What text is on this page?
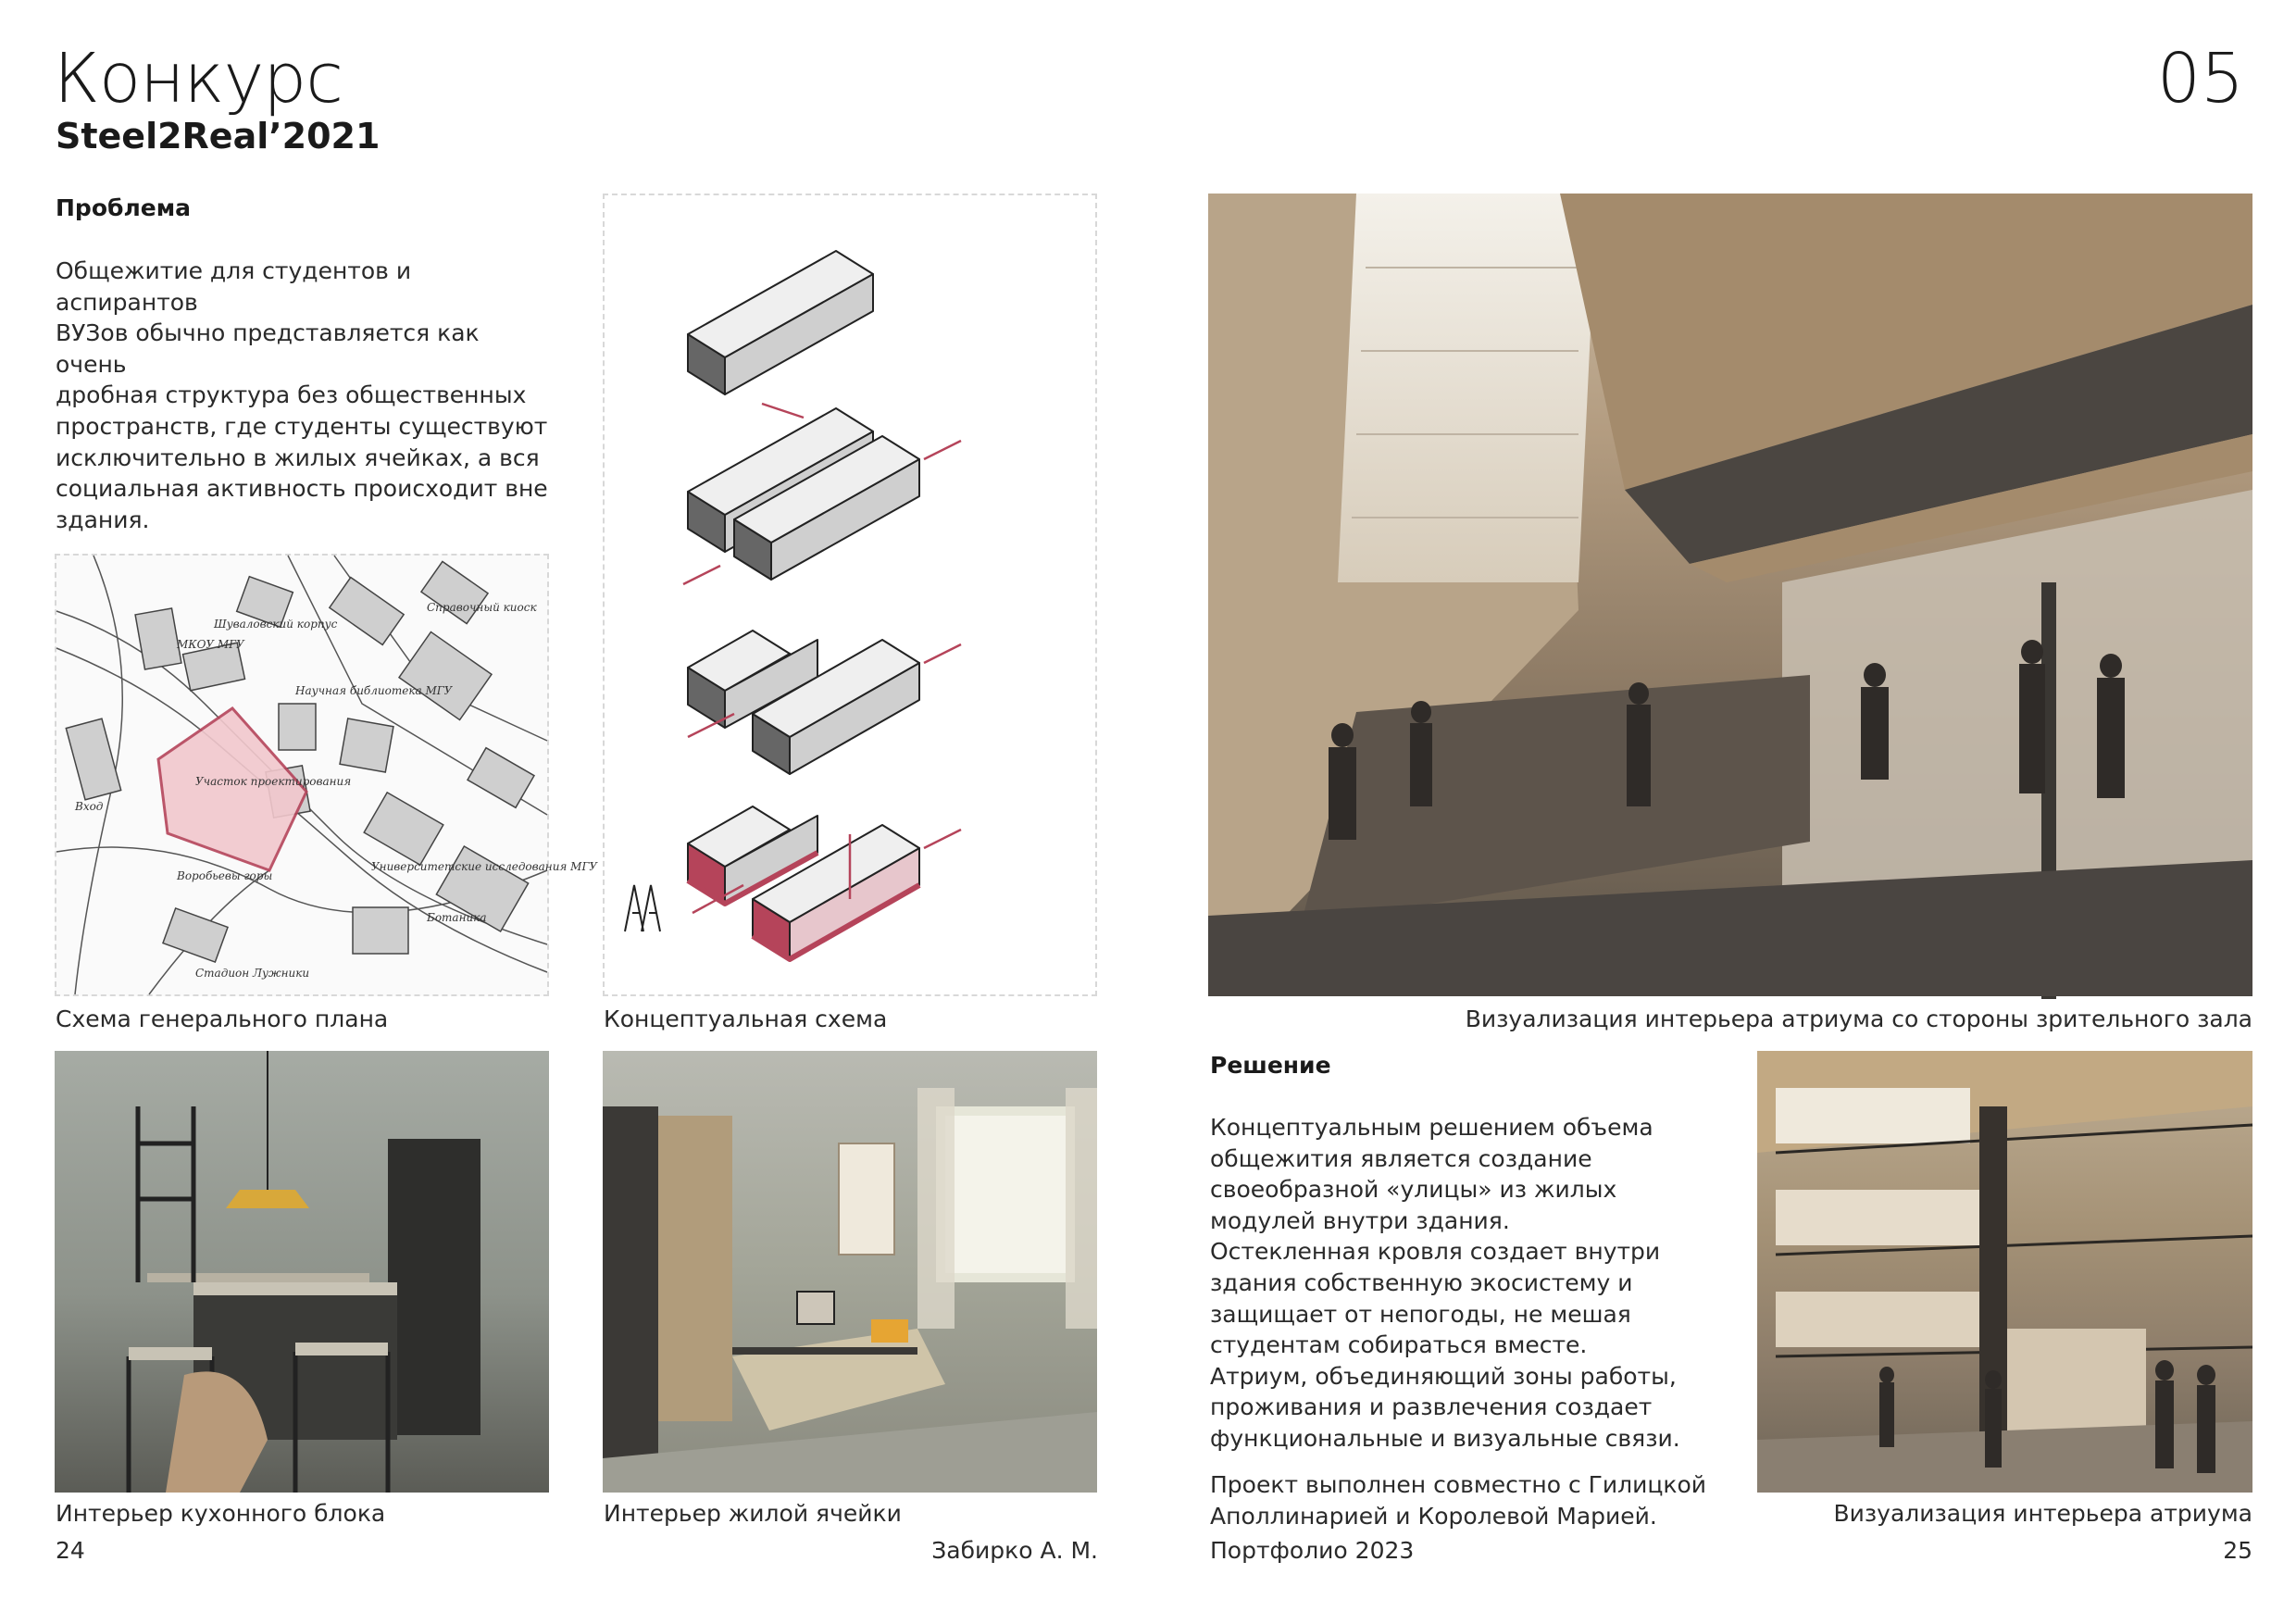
Конкурс
Steel2Real’2021
05
Проблема
Общежитие для студентов и аспирантов
ВУЗов обычно представляется как очень
дробная структура без общественных
пространств, где студенты существуют
исключительно в жилых ячейках, а вся
социальная активность происходит вне
здания.
Участок проектирования
Научная библиотека МГУ
Шуваловский корпус
МКОУ МГУ
Справочный киоск
Университетские исследования МГУ
Воробьевы горы
Стадион Лужники
Вход
Ботаника
Схема генерального плана
AA
Концептуальная схема	Визуализация интерьера атриума со стороны зрительного зала
Интерьер кухонного блока	Интерьер жилой ячейки
Решение
Концептуальным решением объема
общежития является создание
своеобразной «улицы» из жилых
модулей внутри здания.
Остекленная кровля создает внутри
здания собственную экосистему и
защищает от непогоды, не мешая
студентам собираться вместе.
Атриум, объединяющий зоны работы,
проживания и развлечения создает
функциональные и визуальные связи.
Проект выполнен совместно с Гилицкой
Аполлинарией и Королевой Марией.	Визуализация интерьера атриума
24	Забирко А. М.	Портфолио 2023	25
